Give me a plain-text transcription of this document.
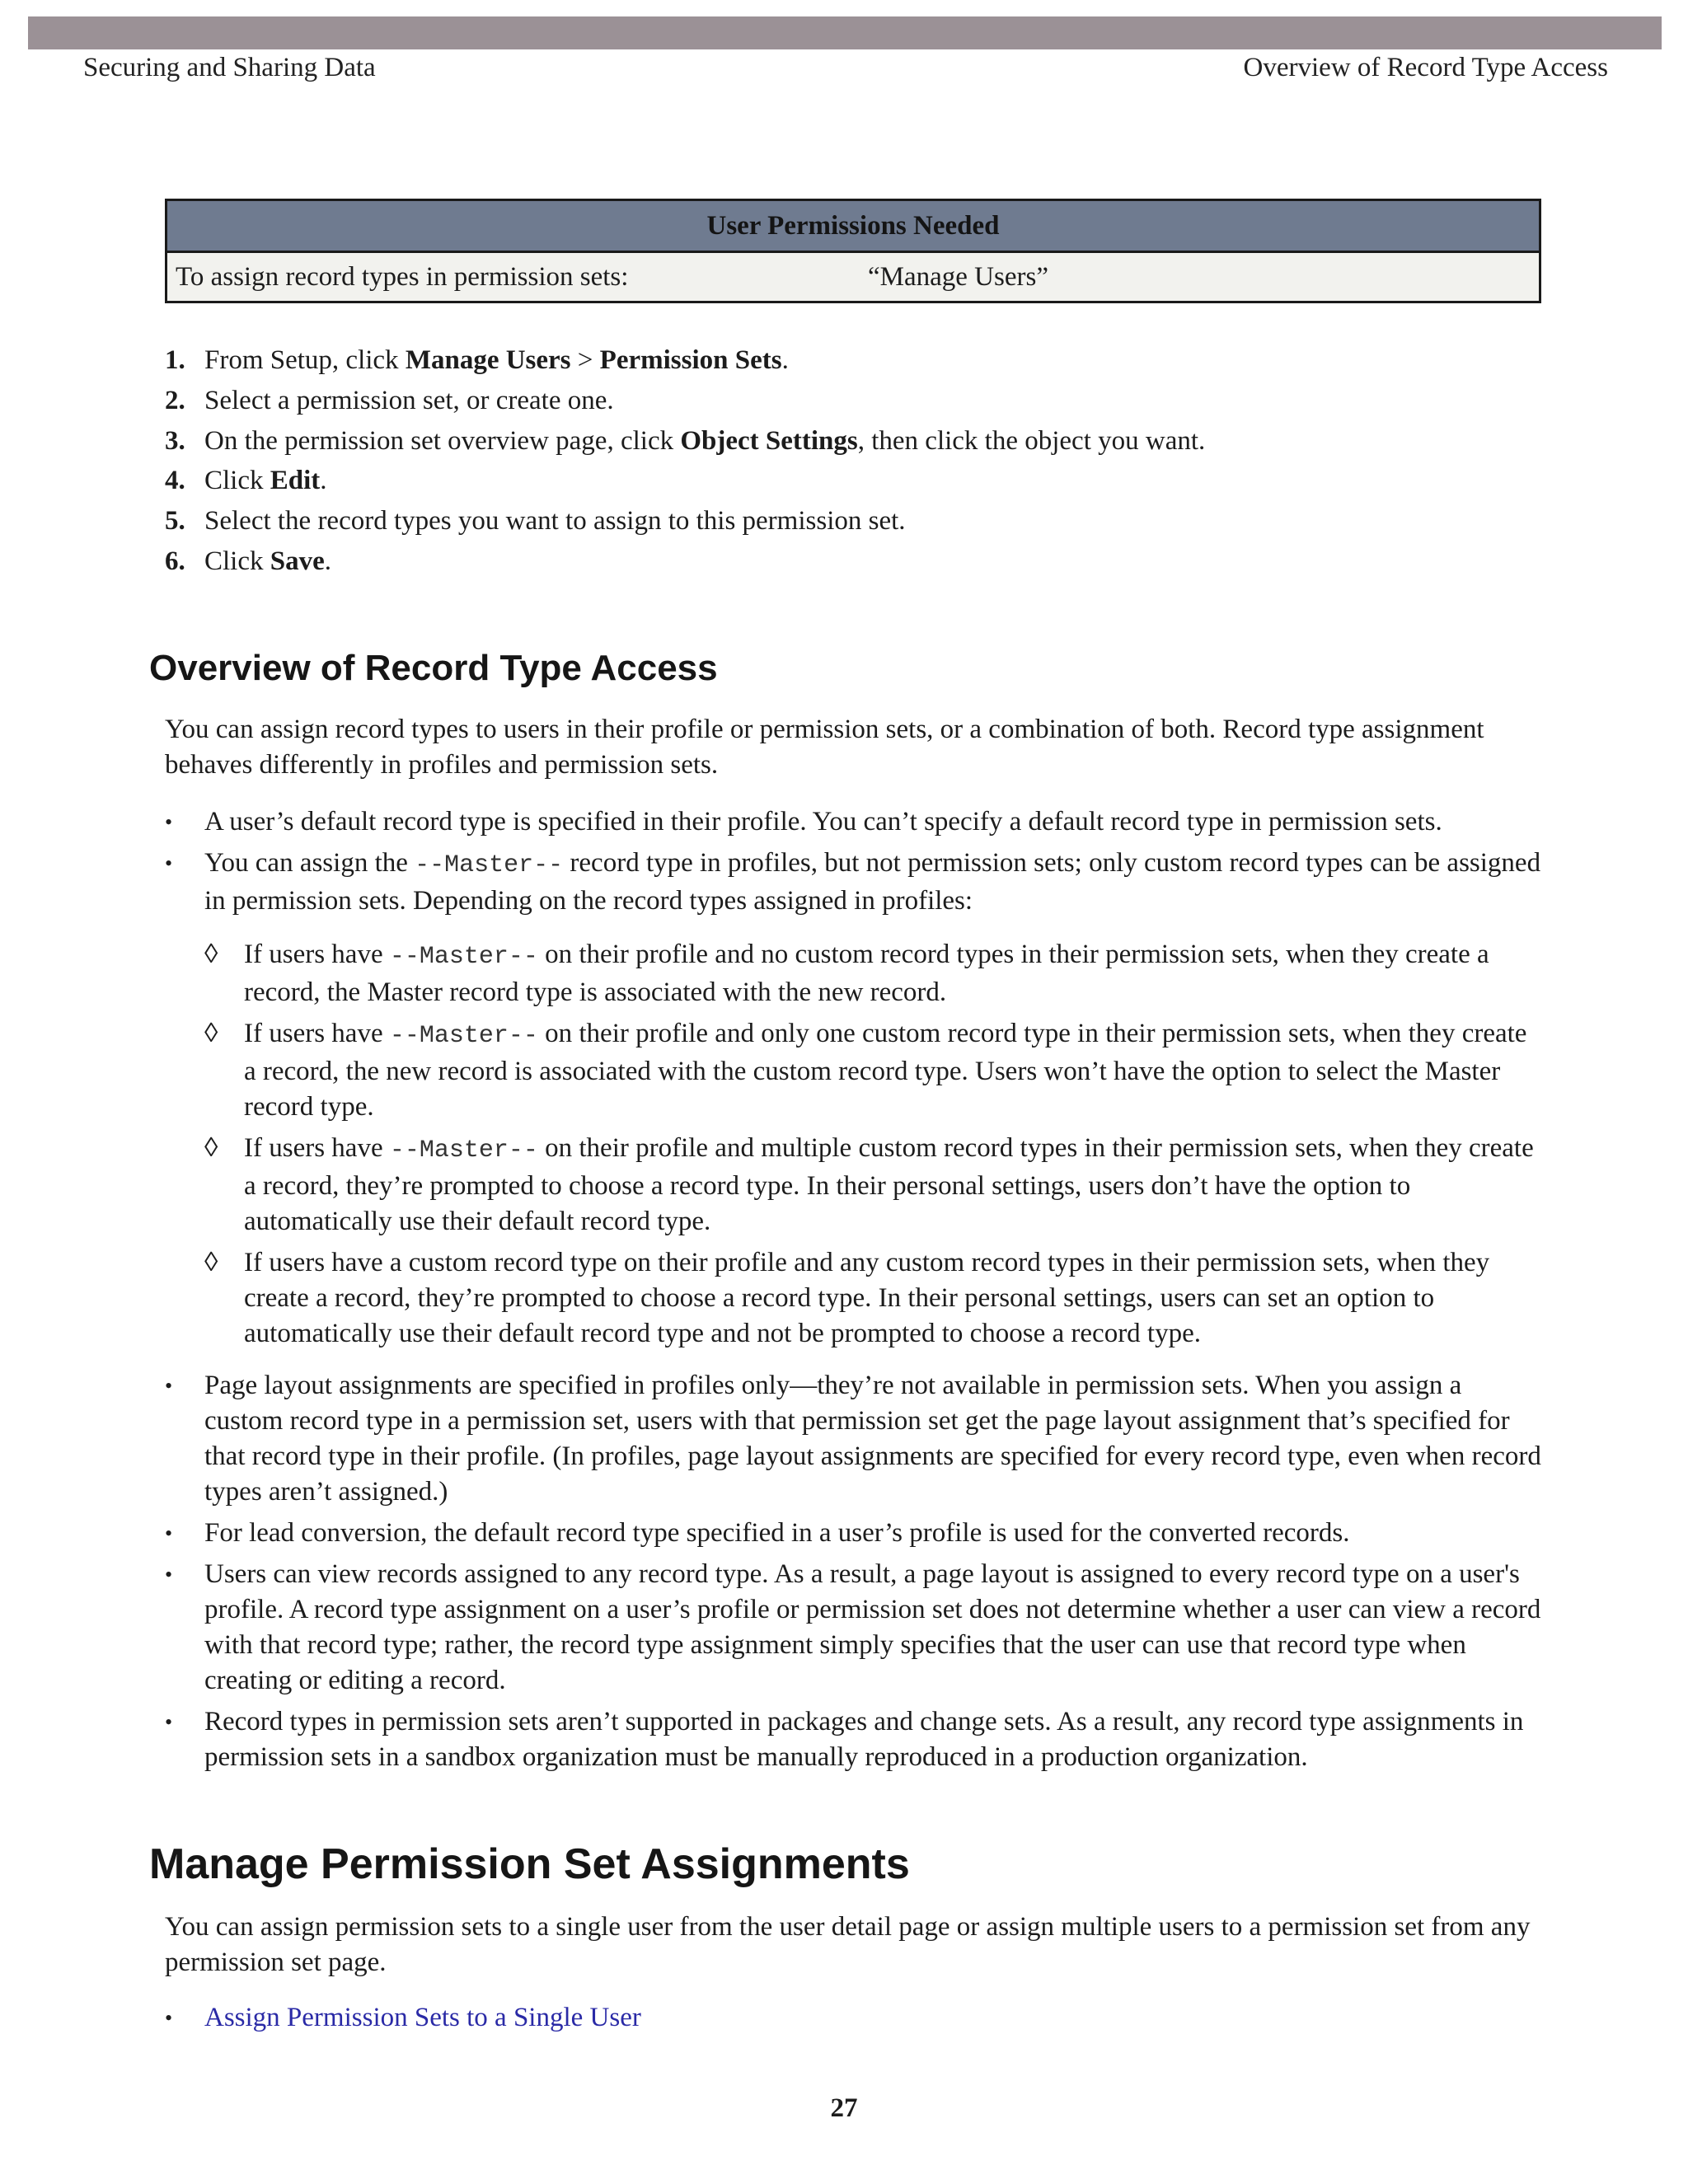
Securing and Sharing Data	Overview of Record Type Access
User Permissions Needed
To assign record types in permission sets:	“Manage Users”
1. From Setup, click Manage Users > Permission Sets.
2. Select a permission set, or create one.
3. On the permission set overview page, click Object Settings, then click the object you want.
4. Click Edit.
5. Select the record types you want to assign to this permission set.
6. Click Save.
Overview of Record Type Access

You can assign record types to users in their profile or permission sets, or a combination of both. Record type assignment behaves differently in profiles and permission sets.

• A user’s default record type is specified in their profile. You can’t specify a default record type in permission sets.
• You can assign the --Master-- record type in profiles, but not permission sets; only custom record types can be assigned in permission sets. Depending on the record types assigned in profiles:
◊ If users have --Master-- on their profile and no custom record types in their permission sets, when they create a record, the Master record type is associated with the new record.
◊ If users have --Master-- on their profile and only one custom record type in their permission sets, when they create a record, the new record is associated with the custom record type. Users won’t have the option to select the Master record type.
◊ If users have --Master-- on their profile and multiple custom record types in their permission sets, when they create a record, they’re prompted to choose a record type. In their personal settings, users don’t have the option to automatically use their default record type.
◊ If users have a custom record type on their profile and any custom record types in their permission sets, when they create a record, they’re prompted to choose a record type. In their personal settings, users can set an option to automatically use their default record type and not be prompted to choose a record type.
• Page layout assignments are specified in profiles only—they’re not available in permission sets. When you assign a custom record type in a permission set, users with that permission set get the page layout assignment that’s specified for that record type in their profile. (In profiles, page layout assignments are specified for every record type, even when record types aren’t assigned.)
• For lead conversion, the default record type specified in a user’s profile is used for the converted records.
• Users can view records assigned to any record type. As a result, a page layout is assigned to every record type on a user's profile. A record type assignment on a user’s profile or permission set does not determine whether a user can view a record with that record type; rather, the record type assignment simply specifies that the user can use that record type when creating or editing a record.
• Record types in permission sets aren’t supported in packages and change sets. As a result, any record type assignments in permission sets in a sandbox organization must be manually reproduced in a production organization.
Manage Permission Set Assignments

You can assign permission sets to a single user from the user detail page or assign multiple users to a permission set from any permission set page.

• Assign Permission Sets to a Single User
27
